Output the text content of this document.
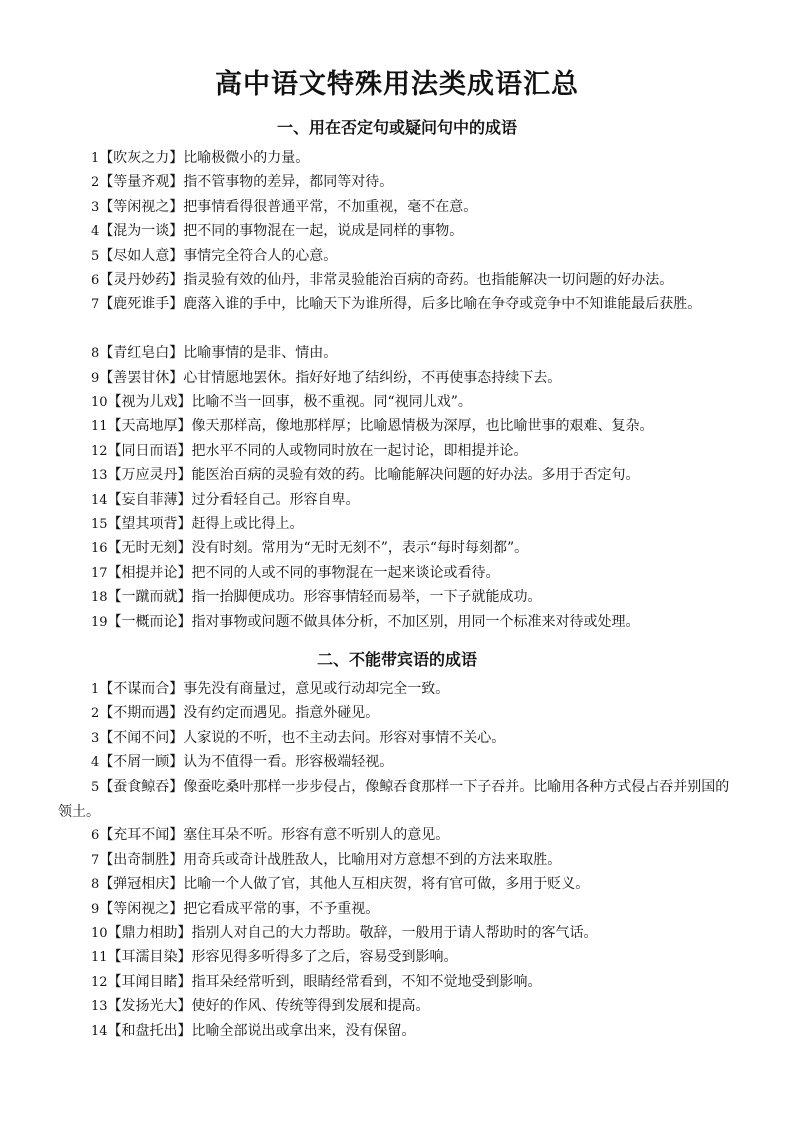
高中语文特殊用法类成语汇总
一、用在否定句或疑问句中的成语
1【吹灰之力】比喻极微小的力量。
2【等量齐观】指不管事物的差异，都同等对待。
3【等闲视之】把事情看得很普通平常，不加重视，毫不在意。
4【混为一谈】把不同的事物混在一起，说成是同样的事物。
5【尽如人意】事情完全符合人的心意。
6【灵丹妙药】指灵验有效的仙丹，非常灵验能治百病的奇药。也指能解决一切问题的好办法。
7【鹿死谁手】鹿落入谁的手中，比喻天下为谁所得，后多比喻在争夺或竞争中不知谁能最后获胜。
8【青红皂白】比喻事情的是非、情由。
9【善罢甘休】心甘情愿地罢休。指好好地了结纠纷，不再使事态持续下去。
10【视为儿戏】比喻不当一回事，极不重视。同“视同儿戏”。
11【天高地厚】像天那样高，像地那样厚；比喻恩情极为深厚，也比喻世事的艰难、复杂。
12【同日而语】把水平不同的人或物同时放在一起讨论，即相提并论。
13【万应灵丹】能医治百病的灵验有效的药。比喻能解决问题的好办法。多用于否定句。
14【妄自菲薄】过分看轻自己。形容自卑。
15【望其项背】赶得上或比得上。
16【无时无刻】没有时刻。常用为“无时无刻不”，表示“每时每刻都”。
17【相提并论】把不同的人或不同的事物混在一起来谈论或看待。
18【一蹴而就】指一抬脚便成功。形容事情轻而易举，一下子就能成功。
19【一概而论】指对事物或问题不做具体分析，不加区别，用同一个标准来对待或处理。
二、不能带宾语的成语
1【不谋而合】事先没有商量过，意见或行动却完全一致。
2【不期而遇】没有约定而遇见。指意外碰见。
3【不闻不问】人家说的不听，也不主动去问。形容对事情不关心。
4【不屑一顾】认为不值得一看。形容极端轻视。
5【蚕食鲸吞】像蚕吃桑叶那样一步步侵占，像鲸吞食那样一下子吞并。比喻用各种方式侵占吞并别国的领土。
6【充耳不闻】塞住耳朵不听。形容有意不听别人的意见。
7【出奇制胜】用奇兵或奇计战胜敌人，比喻用对方意想不到的方法来取胜。
8【弹冠相庆】比喻一个人做了官，其他人互相庆贺，将有官可做，多用于贬义。
9【等闲视之】把它看成平常的事，不予重视。
10【鼎力相助】指别人对自己的大力帮助。敬辞，一般用于请人帮助时的客气话。
11【耳濡目染】形容见得多听得多了之后，容易受到影响。
12【耳闻目睹】指耳朵经常听到，眼睛经常看到，不知不觉地受到影响。
13【发扬光大】使好的作风、传统等得到发展和提高。
14【和盘托出】比喻全部说出或拿出来，没有保留。
